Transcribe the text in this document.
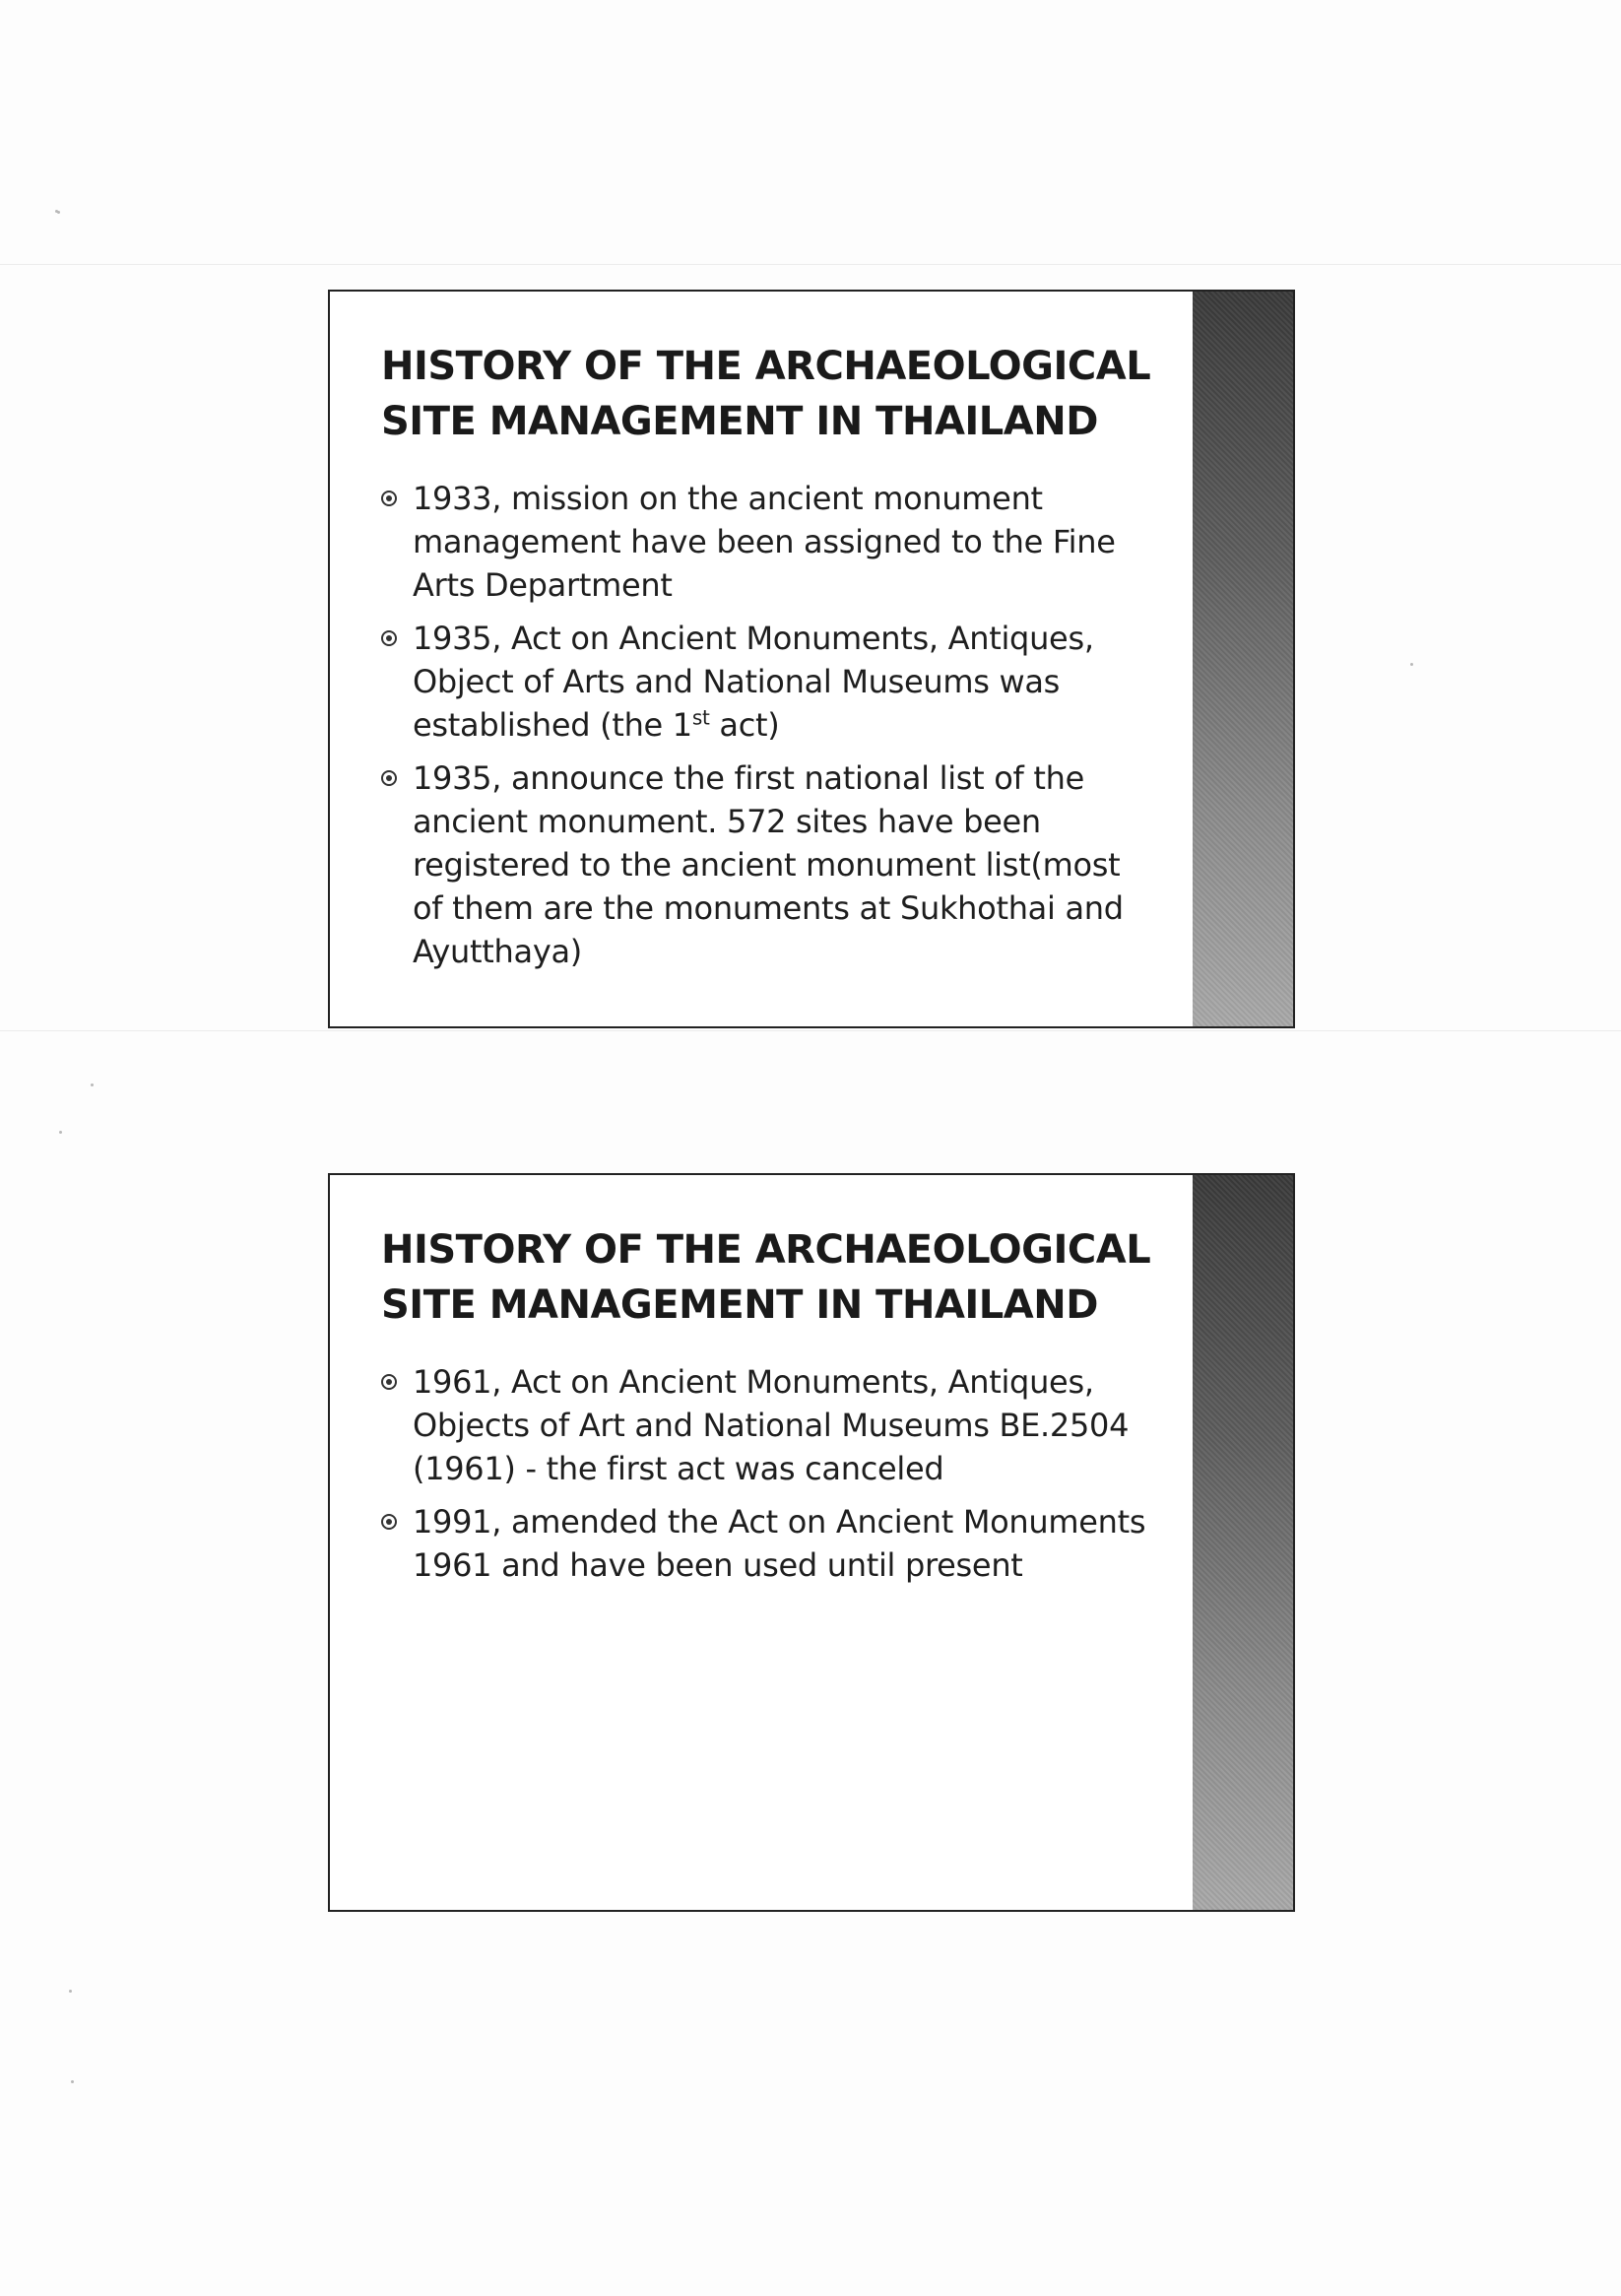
HISTORY OF THE ARCHAEOLOGICAL
SITE MANAGEMENT IN THAILAND
1933, mission on the ancient monument management have been assigned to the Fine Arts Department
1935, Act on Ancient Monuments, Antiques, Object of Arts and National Museums was established (the 1st act)
1935, announce the first national list of the ancient monument. 572 sites have been registered to the ancient monument list(most of them are the monuments at Sukhothai and Ayutthaya)
HISTORY OF THE ARCHAEOLOGICAL
SITE MANAGEMENT IN THAILAND
1961, Act on Ancient Monuments, Antiques, Objects of Art and National Museums BE.2504 (1961) - the first act was canceled
1991, amended the Act on Ancient Monuments 1961 and have been used until present
